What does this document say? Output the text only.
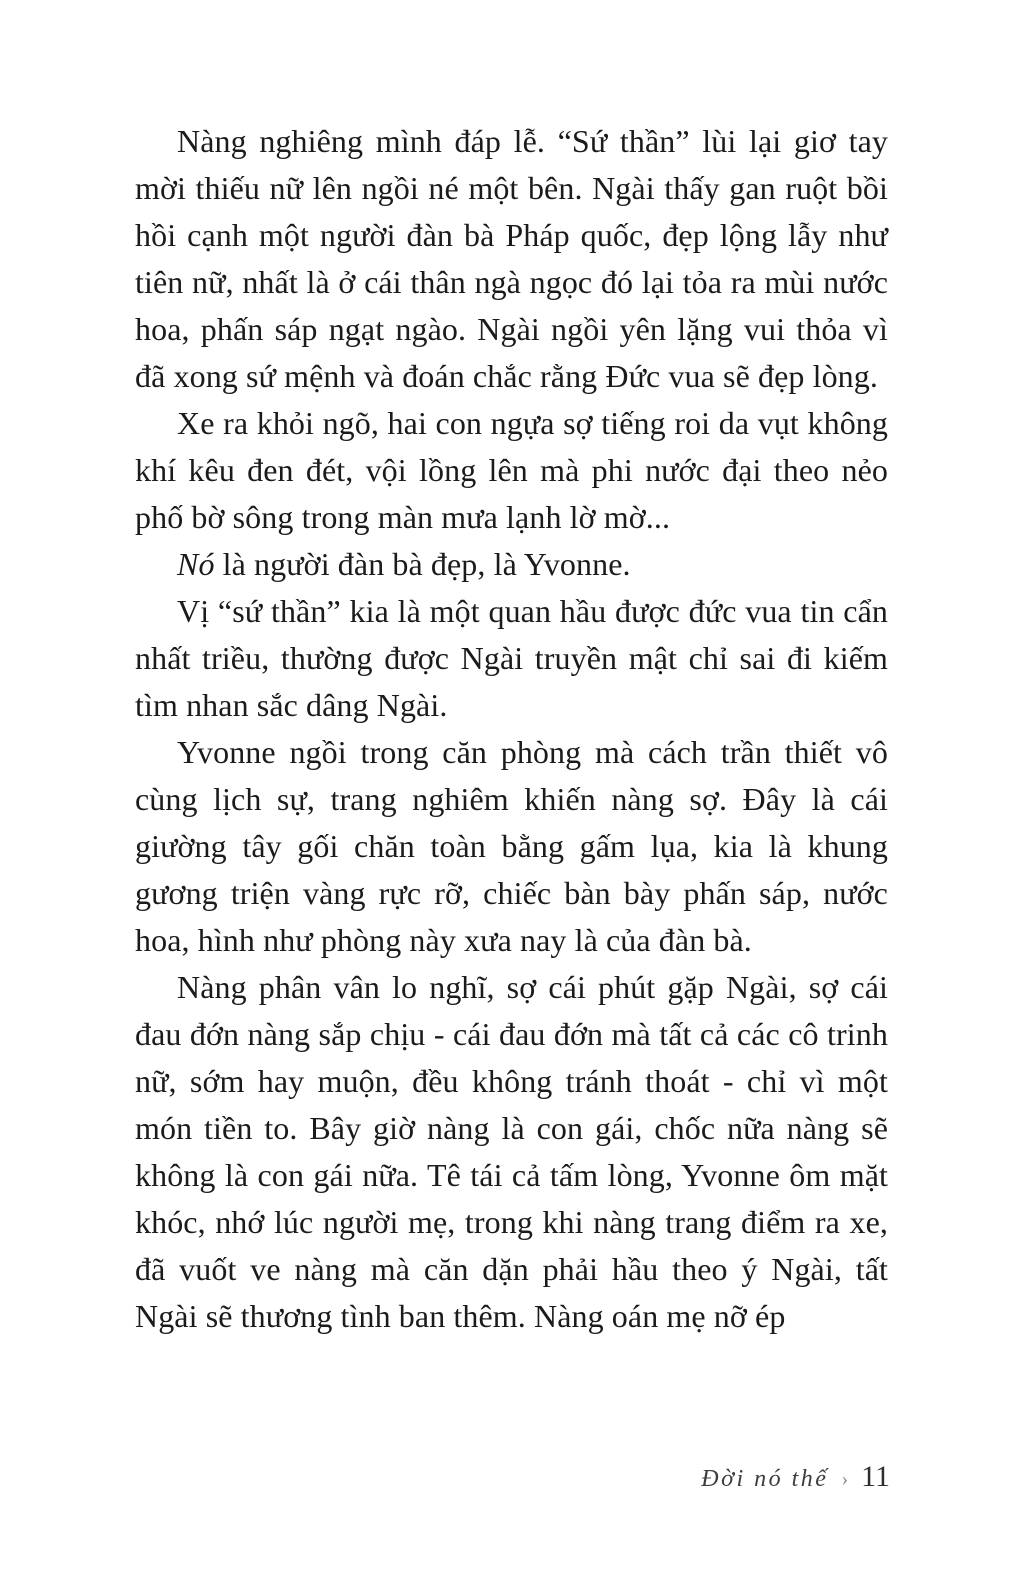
Nàng nghiêng mình đáp lễ. “Sứ thần” lùi lại giơ tay mời thiếu nữ lên ngồi né một bên. Ngài thấy gan ruột bồi hồi cạnh một người đàn bà Pháp quốc, đẹp lộng lẫy như tiên nữ, nhất là ở cái thân ngà ngọc đó lại tỏa ra mùi nước hoa, phấn sáp ngạt ngào. Ngài ngồi yên lặng vui thỏa vì đã xong sứ mệnh và đoán chắc rằng Đức vua sẽ đẹp lòng.

Xe ra khỏi ngõ, hai con ngựa sợ tiếng roi da vụt không khí kêu đen đét, vội lồng lên mà phi nước đại theo nẻo phố bờ sông trong màn mưa lạnh lờ mờ...

Nó là người đàn bà đẹp, là Yvonne.

Vị “sứ thần” kia là một quan hầu được đức vua tin cẩn nhất triều, thường được Ngài truyền mật chỉ sai đi kiếm tìm nhan sắc dâng Ngài.

Yvonne ngồi trong căn phòng mà cách trần thiết vô cùng lịch sự, trang nghiêm khiến nàng sợ. Đây là cái giường tây gối chăn toàn bằng gấm lụa, kia là khung gương triện vàng rực rỡ, chiếc bàn bày phấn sáp, nước hoa, hình như phòng này xưa nay là của đàn bà.

Nàng phân vân lo nghĩ, sợ cái phút gặp Ngài, sợ cái đau đớn nàng sắp chịu - cái đau đớn mà tất cả các cô trinh nữ, sớm hay muộn, đều không tránh thoát - chỉ vì một món tiền to. Bây giờ nàng là con gái, chốc nữa nàng sẽ không là con gái nữa. Tê tái cả tấm lòng, Yvonne ôm mặt khóc, nhớ lúc người mẹ, trong khi nàng trang điểm ra xe, đã vuốt ve nàng mà căn dặn phải hầu theo ý Ngài, tất Ngài sẽ thương tình ban thêm. Nàng oán mẹ nỡ ép

Đời nó thế › 11
